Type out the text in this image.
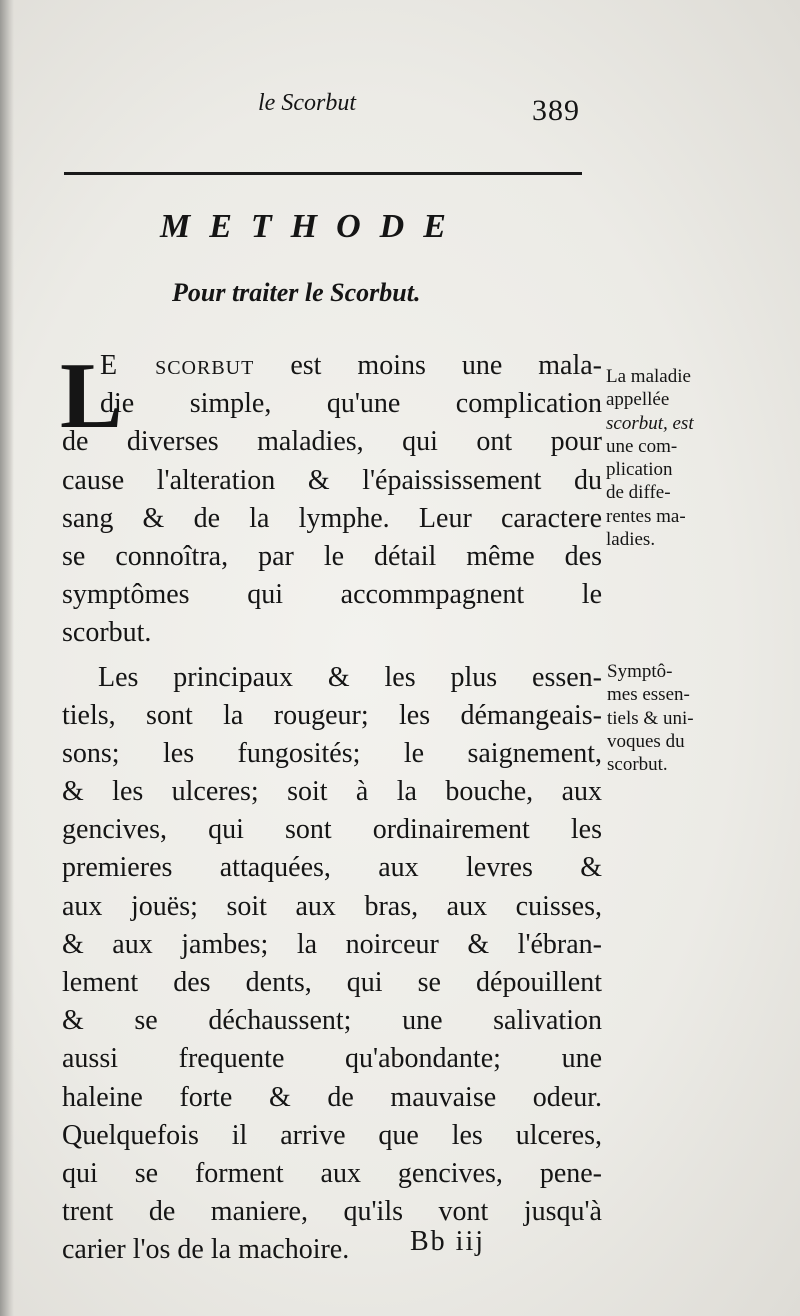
le Scorbut	389
METHODE
Pour traiter le Scorbut.
L
E scorbut est moins une mala-
die simple, qu'une complication
de diverses maladies, qui ont pour
cause l'alteration & l'épaississement du
sang & de la lymphe. Leur caractere
se connoîtra, par le détail même des
symptômes qui accommpagnent le
scorbut.
Les principaux & les plus essen-
tiels, sont la rougeur; les démangeais-
sons; les fungosités; le saignement,
& les ulceres; soit à la bouche, aux
gencives, qui sont ordinairement les
premieres attaquées, aux levres &
aux jouës; soit aux bras, aux cuisses,
& aux jambes; la noirceur & l'ébran-
lement des dents, qui se dépouillent
& se déchaussent; une salivation
aussi frequente qu'abondante; une
haleine forte & de mauvaise odeur.
Quelquefois il arrive que les ulceres,
qui se forment aux gencives, pene-
trent de maniere, qu'ils vont jusqu'à
carier l'os de la machoire.
La maladie
appellée
scorbut, est
une com-
plication
de diffe-
rentes ma-
ladies.
Symptô-
mes essen-
tiels & uni-
voques du
scorbut.
Bb iij
